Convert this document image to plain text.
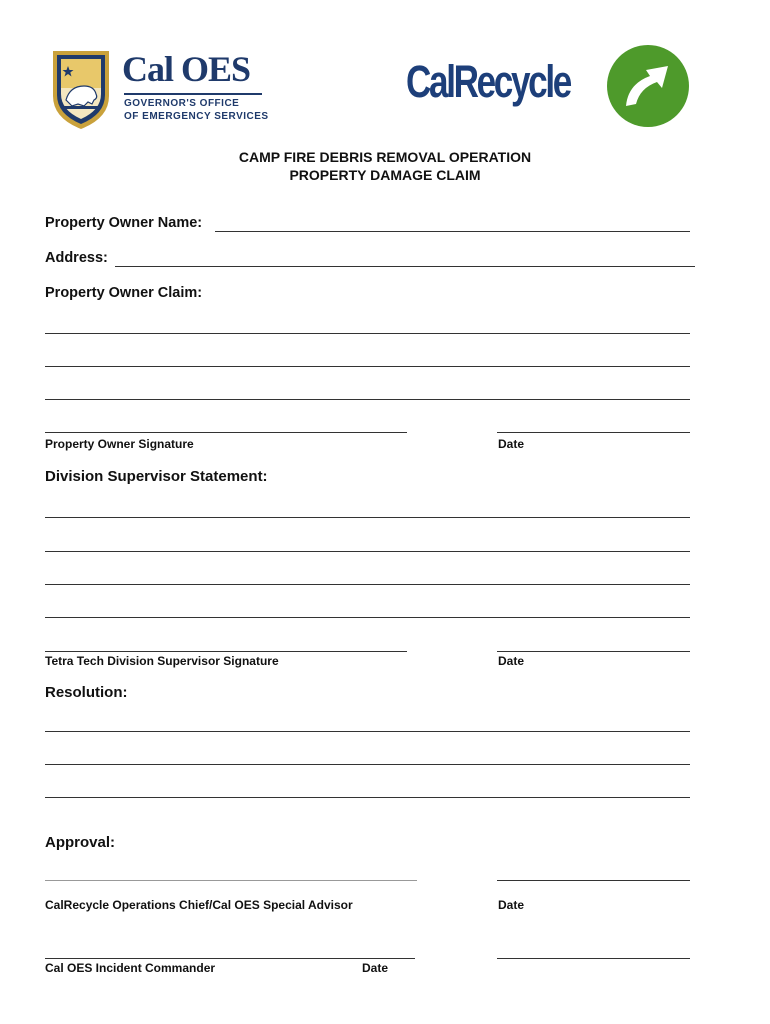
Cal OES
GOVERNOR'S OFFICE
OF EMERGENCY SERVICES
CalRecycle
CAMP FIRE DEBRIS REMOVAL OPERATION
PROPERTY DAMAGE CLAIM
Property Owner Name:
Address:
Property Owner Claim:
Property Owner Signature	Date
Division Supervisor Statement:
Tetra Tech Division Supervisor Signature	Date
Resolution:
Approval:
CalRecycle Operations Chief/Cal OES Special Advisor	Date
Cal OES Incident Commander	Date
